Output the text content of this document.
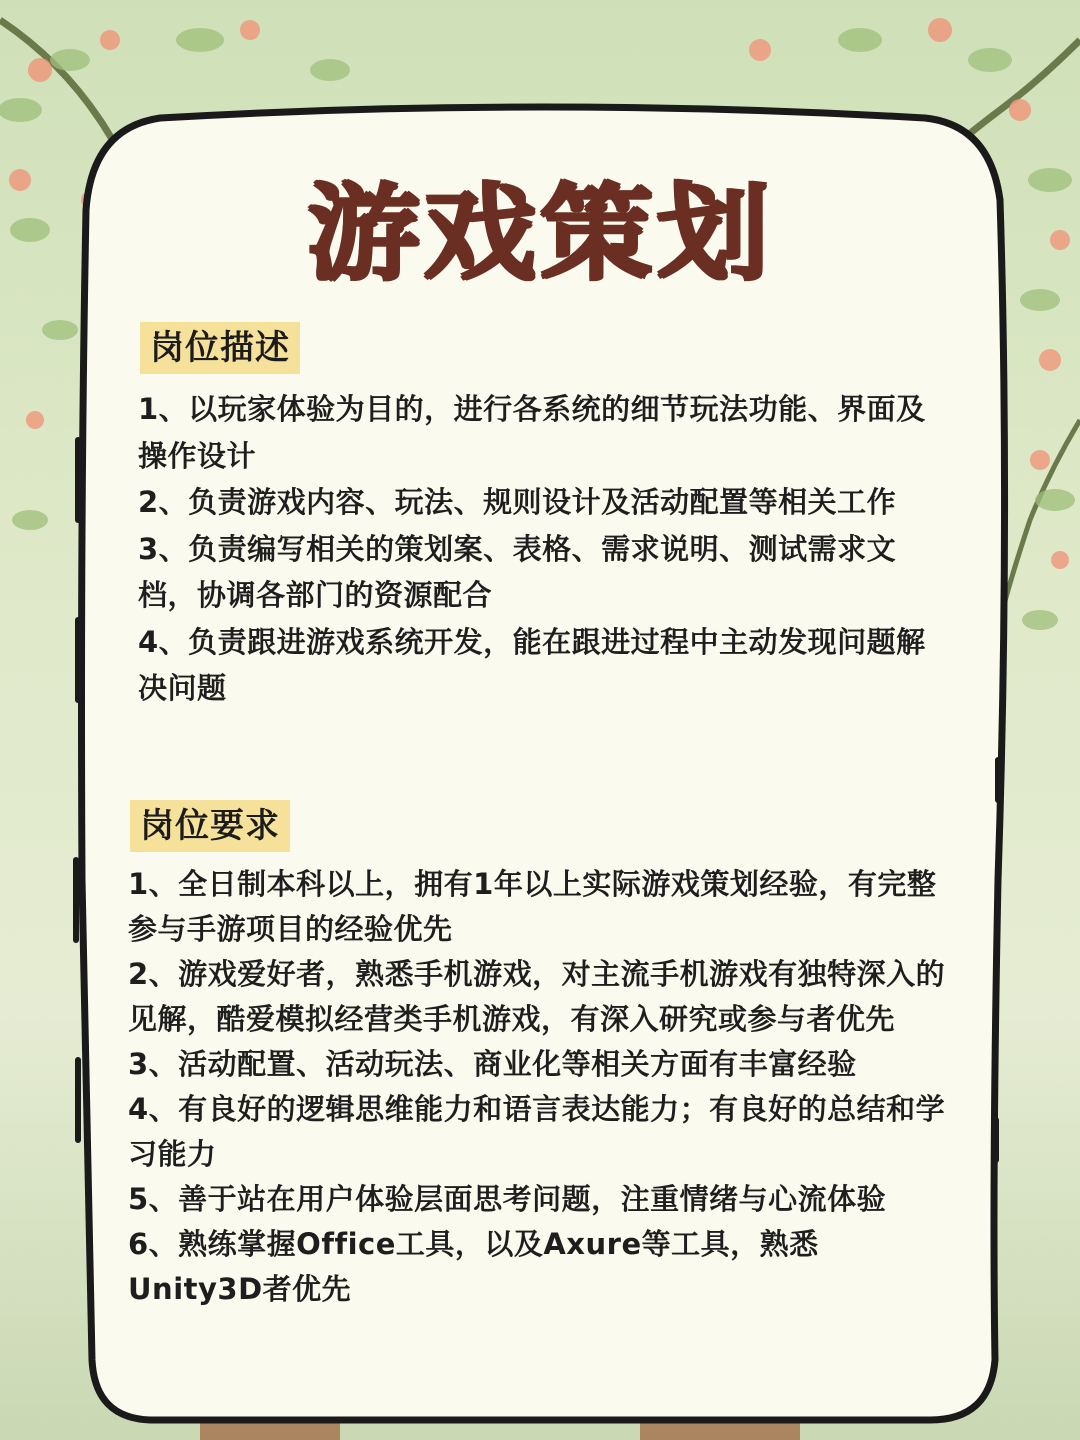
游戏策划
岗位描述
1、以玩家体验为目的，进行各系统的细节玩法功能、界面及操作设计
2、负责游戏内容、玩法、规则设计及活动配置等相关工作
3、负责编写相关的策划案、表格、需求说明、测试需求文档，协调各部门的资源配合
4、负责跟进游戏系统开发，能在跟进过程中主动发现问题解决问题
岗位要求
1、全日制本科以上，拥有1年以上实际游戏策划经验，有完整参与手游项目的经验优先
2、游戏爱好者，熟悉手机游戏，对主流手机游戏有独特深入的见解，酷爱模拟经营类手机游戏，有深入研究或参与者优先
3、活动配置、活动玩法、商业化等相关方面有丰富经验
4、有良好的逻辑思维能力和语言表达能力；有良好的总结和学习能力
5、善于站在用户体验层面思考问题，注重情绪与心流体验
6、熟练掌握Office工具，以及Axure等工具，熟悉Unity3D者优先
